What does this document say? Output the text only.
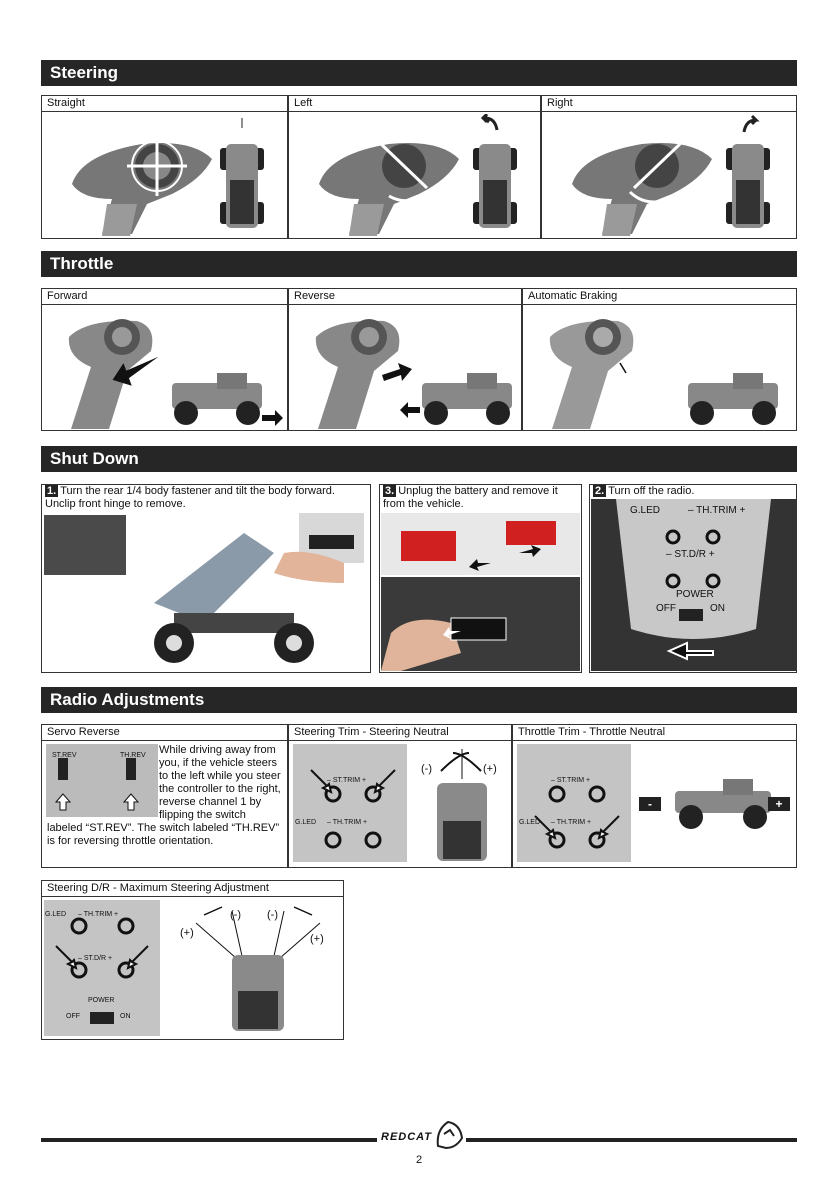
Steering
Straight	Left	Right
Throttle
Forward	Reverse	Automatic Braking
Shut Down
1. Turn the rear 1/4 body fastener and tilt the body forward. Unclip front hinge to remove.
3. Unplug the battery and remove it from the vehicle.
2. Turn off the radio.
G.LED	– TH.TRIM +
– ST.D/R +
POWER
OFF	ON
Radio Adjustments
Servo Reverse
ST.REV	TH.REV	While driving away from you, if the vehicle steers to the left while you steer the controller to the right, reverse channel 1 by flipping the switch labeled “ST.REV”. The switch labeled “TH.REV” is for reversing throttle orientation.
Steering Trim - Steering Neutral
– ST.TRIM +
G.LED – TH.TRIM +
(-)	(+)
Throttle Trim - Throttle Neutral
– ST.TRIM +
G.LED – TH.TRIM +
-	+
Steering D/R - Maximum Steering Adjustment
G.LED – TH.TRIM +
– ST.D/R +
POWER
OFF	ON
(-) (-)
(+)	(+)
REDCAT
2
